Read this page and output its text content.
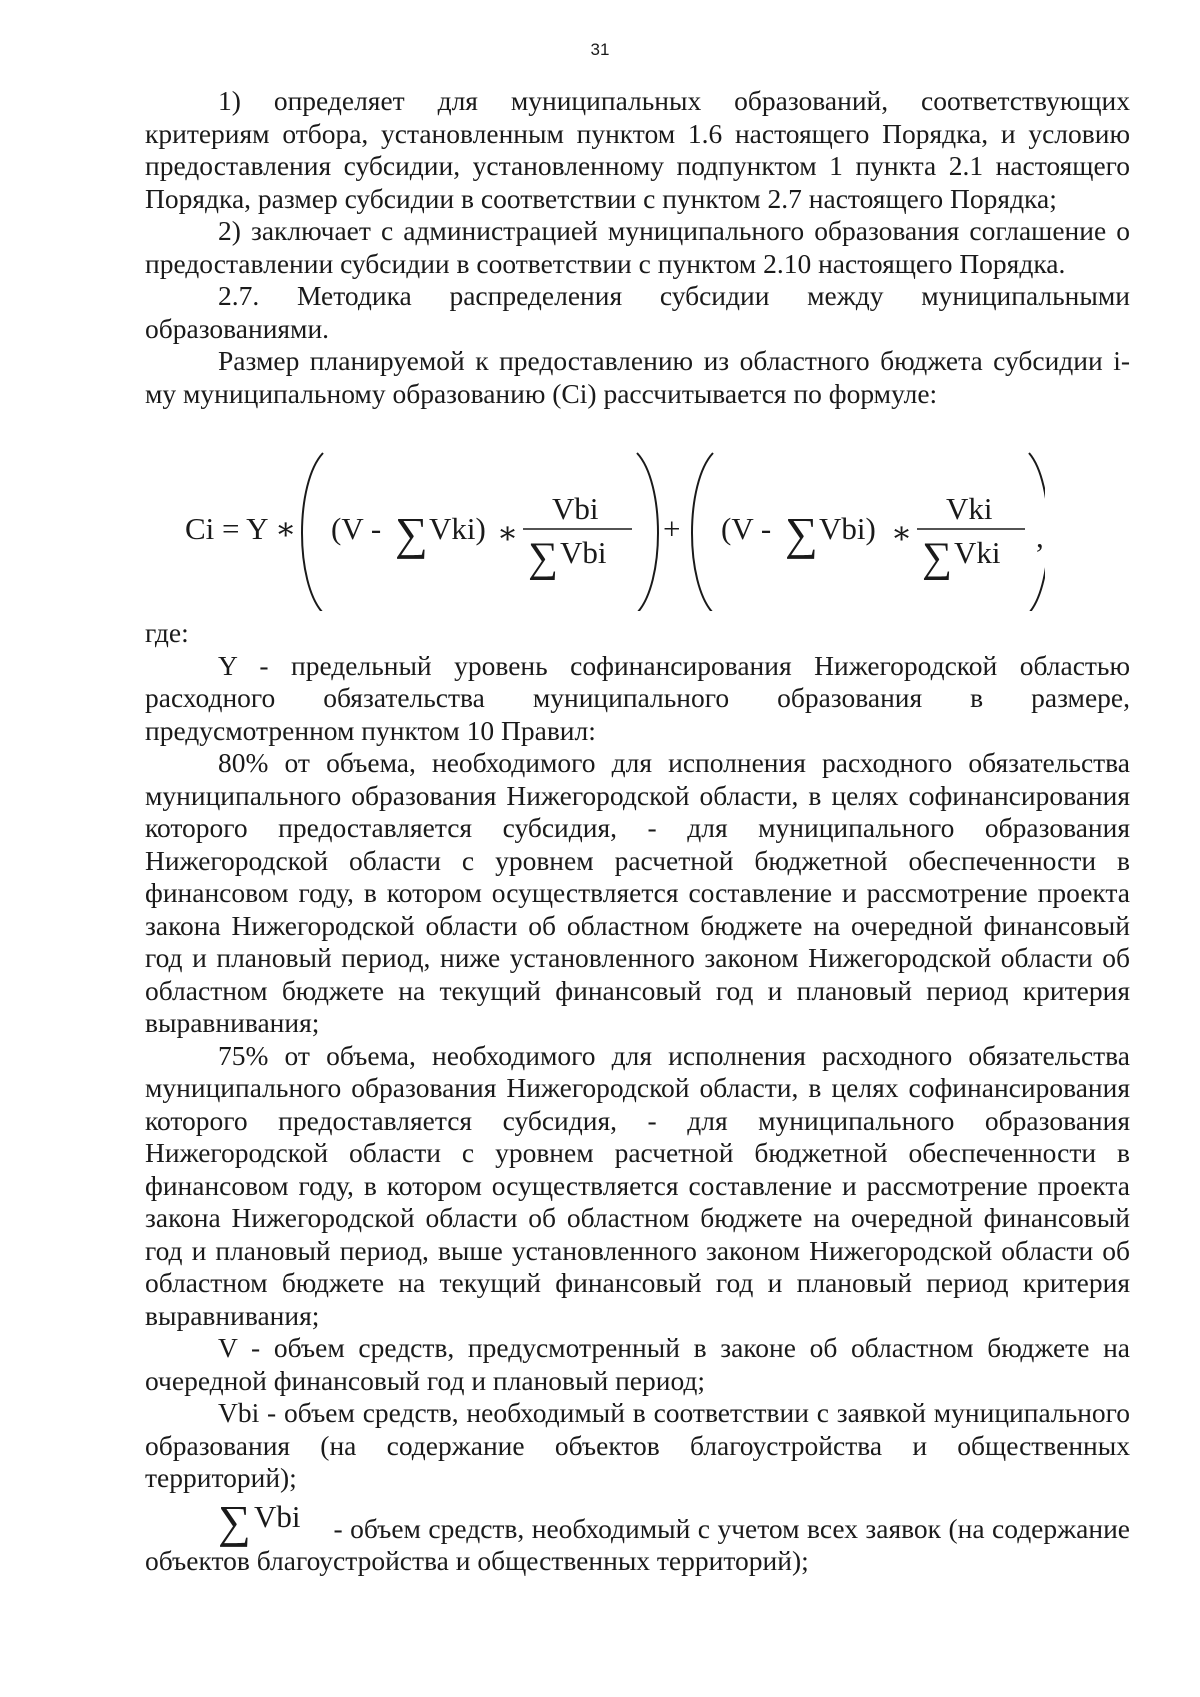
31

1) определяет для муниципальных образований, соответствующих критериям отбора, установленным пунктом 1.6 настоящего Порядка, и условию предоставления субсидии, установленному подпунктом 1 пункта 2.1 настоящего Порядка, размер субсидии в соответствии с пунктом 2.7 настоящего Порядка;

2) заключает с администрацией муниципального образования соглашение о предоставлении субсидии в соответствии с пунктом 2.10 настоящего Порядка.

2.7. Методика распределения субсидии между муниципальными образованиями.

Размер планируемой к предоставлению из областного бюджета субсидии i-му муниципальному образованию (Ci) рассчитывается по формуле:

Ci = Y ∗ (V - ∑ Vki) ∗
Vbi
∑ Vbi
+ (V - ∑ Vbi) ∗
Vki
∑ Vki ,

где:

Y - предельный уровень софинансирования Нижегородской областью расходного обязательства муниципального образования в размере, предусмотренном пунктом 10 Правил:

80% от объема, необходимого для исполнения расходного обязательства муниципального образования Нижегородской области, в целях софинансирования которого предоставляется субсидия, - для муниципального образования Нижегородской области с уровнем расчетной бюджетной обеспеченности в финансовом году, в котором осуществляется составление и рассмотрение проекта закона Нижегородской области об областном бюджете на очередной финансовый год и плановый период, ниже установленного законом Нижегородской области об областном бюджете на текущий финансовый год и плановый период критерия выравнивания;

75% от объема, необходимого для исполнения расходного обязательства муниципального образования Нижегородской области, в целях софинансирования которого предоставляется субсидия, - для муниципального образования Нижегородской области с уровнем расчетной бюджетной обеспеченности в финансовом году, в котором осуществляется составление и рассмотрение проекта закона Нижегородской области об областном бюджете на очередной финансовый год и плановый период, выше установленного законом Нижегородской области об областном бюджете на текущий финансовый год и плановый период критерия выравнивания;

V - объем средств, предусмотренный в законе об областном бюджете на очередной финансовый год и плановый период;

Vbi - объем средств, необходимый в соответствии с заявкой муниципального образования (на содержание объектов благоустройства и общественных территорий);

∑ Vbi - объем средств, необходимый с учетом всех заявок (на содержание объектов благоустройства и общественных территорий);
